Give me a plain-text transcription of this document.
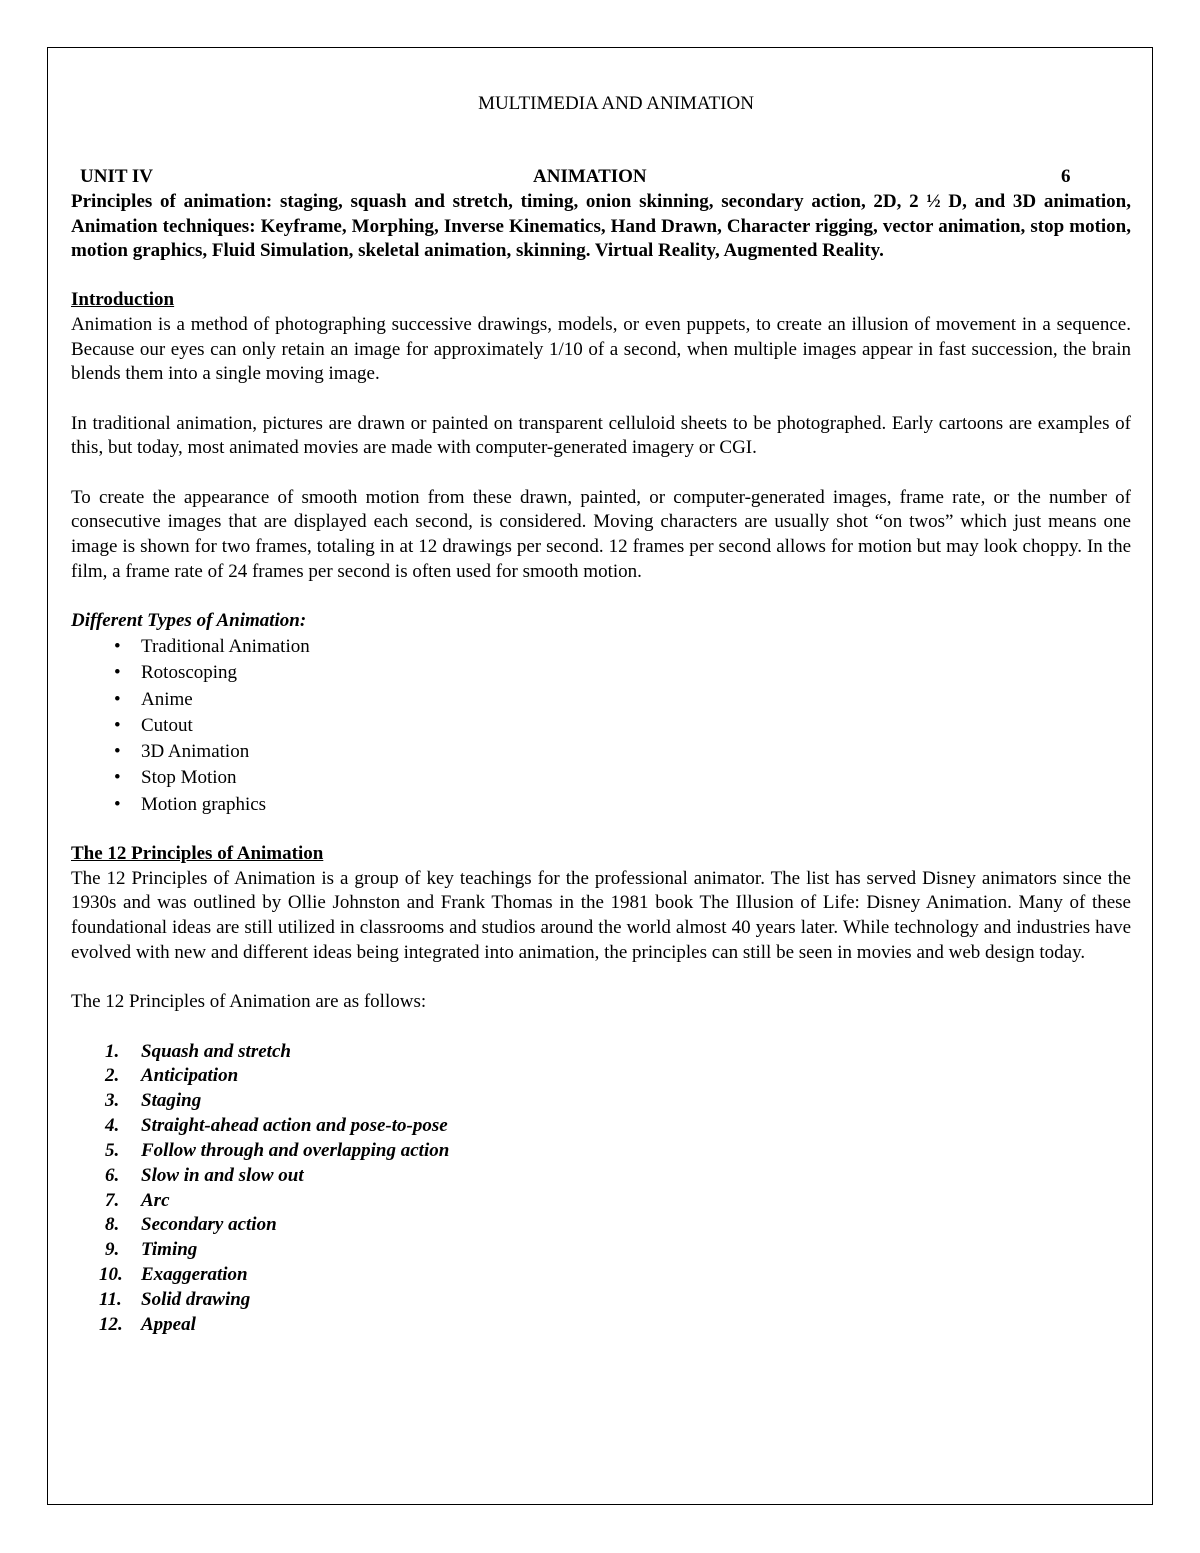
MULTIMEDIA AND ANIMATION
UNIT IV	ANIMATION	6

Principles of animation: staging, squash and stretch, timing, onion skinning, secondary action, 2D, 2 ½ D, and 3D animation, Animation techniques: Keyframe, Morphing, Inverse Kinematics, Hand Drawn, Character rigging, vector animation, stop motion, motion graphics, Fluid Simulation, skeletal animation, skinning. Virtual Reality, Augmented Reality.

Introduction

Animation is a method of photographing successive drawings, models, or even puppets, to create an illusion of movement in a sequence. Because our eyes can only retain an image for approximately 1/10 of a second, when multiple images appear in fast succession, the brain blends them into a single moving image.

In traditional animation, pictures are drawn or painted on transparent celluloid sheets to be photographed. Early cartoons are examples of this, but today, most animated movies are made with computer-generated imagery or CGI.

To create the appearance of smooth motion from these drawn, painted, or computer-generated images, frame rate, or the number of consecutive images that are displayed each second, is considered. Moving characters are usually shot “on twos” which just means one image is shown for two frames, totaling in at 12 drawings per second. 12 frames per second allows for motion but may look choppy. In the film, a frame rate of 24 frames per second is often used for smooth motion.

Different Types of Animation:
• Traditional Animation
• Rotoscoping
• Anime
• Cutout
• 3D Animation
• Stop Motion
• Motion graphics
The 12 Principles of Animation

The 12 Principles of Animation is a group of key teachings for the professional animator. The list has served Disney animators since the 1930s and was outlined by Ollie Johnston and Frank Thomas in the 1981 book The Illusion of Life: Disney Animation. Many of these foundational ideas are still utilized in classrooms and studios around the world almost 40 years later. While technology and industries have evolved with new and different ideas being integrated into animation, the principles can still be seen in movies and web design today.

The 12 Principles of Animation are as follows:

1. Squash and stretch
2. Anticipation
3. Staging
4. Straight-ahead action and pose-to-pose
5. Follow through and overlapping action
6. Slow in and slow out
7. Arc
8. Secondary action
9. Timing
10. Exaggeration
11. Solid drawing
12. Appeal
